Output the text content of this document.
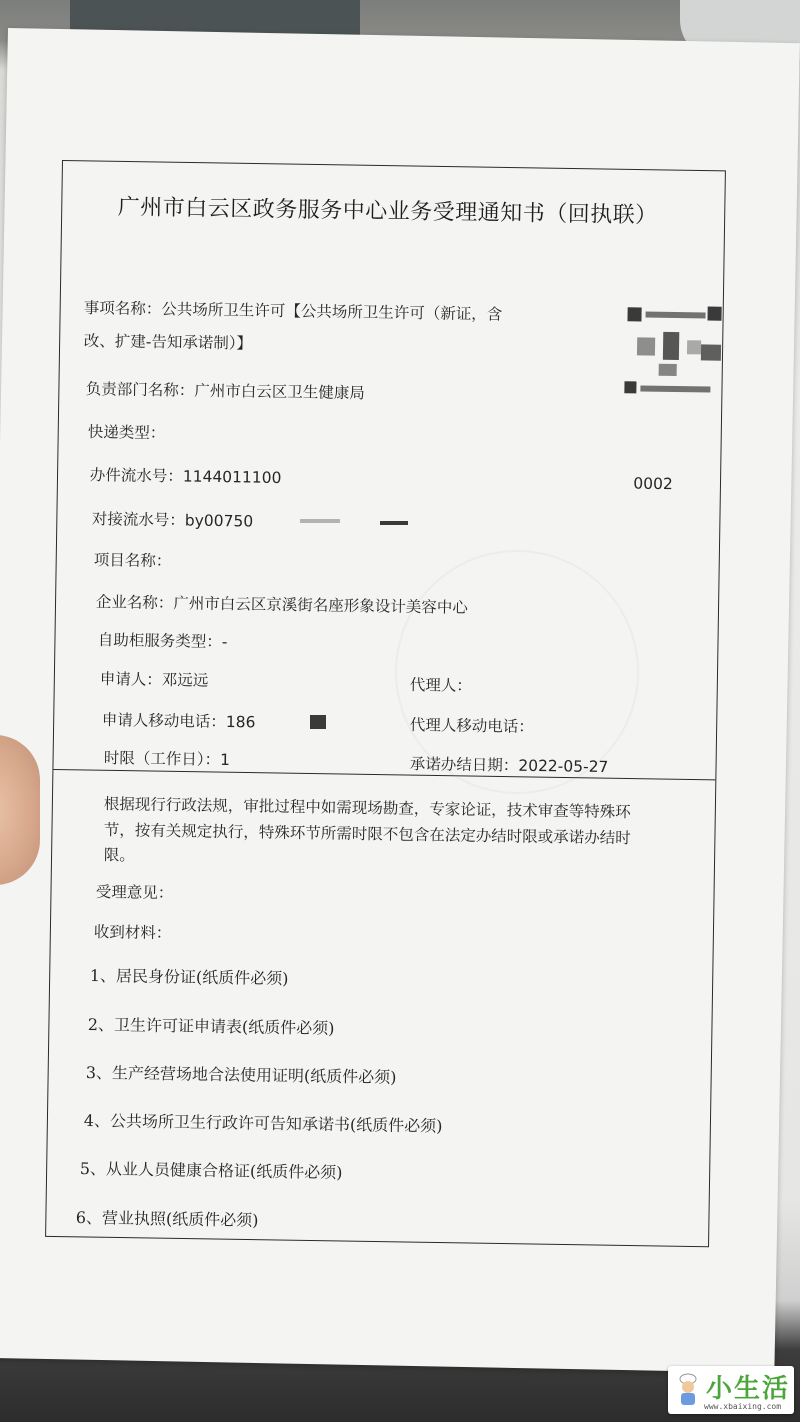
广州市白云区政务服务中心业务受理通知书（回执联）
事项名称：公共场所卫生许可【公共场所卫生许可（新证，含
改、扩建-告知承诺制）】
负责部门名称：广州市白云区卫生健康局
快递类型：
办件流水号：1144011100	0002
对接流水号：by00750
项目名称：
企业名称：广州市白云区京溪街名座形象设计美容中心
自助柜服务类型：-
申请人：邓远远	代理人：
申请人移动电话：186	代理人移动电话：
时限（工作日）：1	承诺办结日期：2022-05-27
根据现行行政法规，审批过程中如需现场勘查，专家论证，技术审查等特殊环
节，按有关规定执行，特殊环节所需时限不包含在法定办结时限或承诺办结时
限。
受理意见：
收到材料：
1、居民身份证(纸质件必须)
2、卫生许可证申请表(纸质件必须)
3、生产经营场地合法使用证明(纸质件必须)
4、公共场所卫生行政许可告知承诺书(纸质件必须)
5、从业人员健康合格证(纸质件必须)
6、营业执照(纸质件必须)
小生活
www.xbaixing.com
